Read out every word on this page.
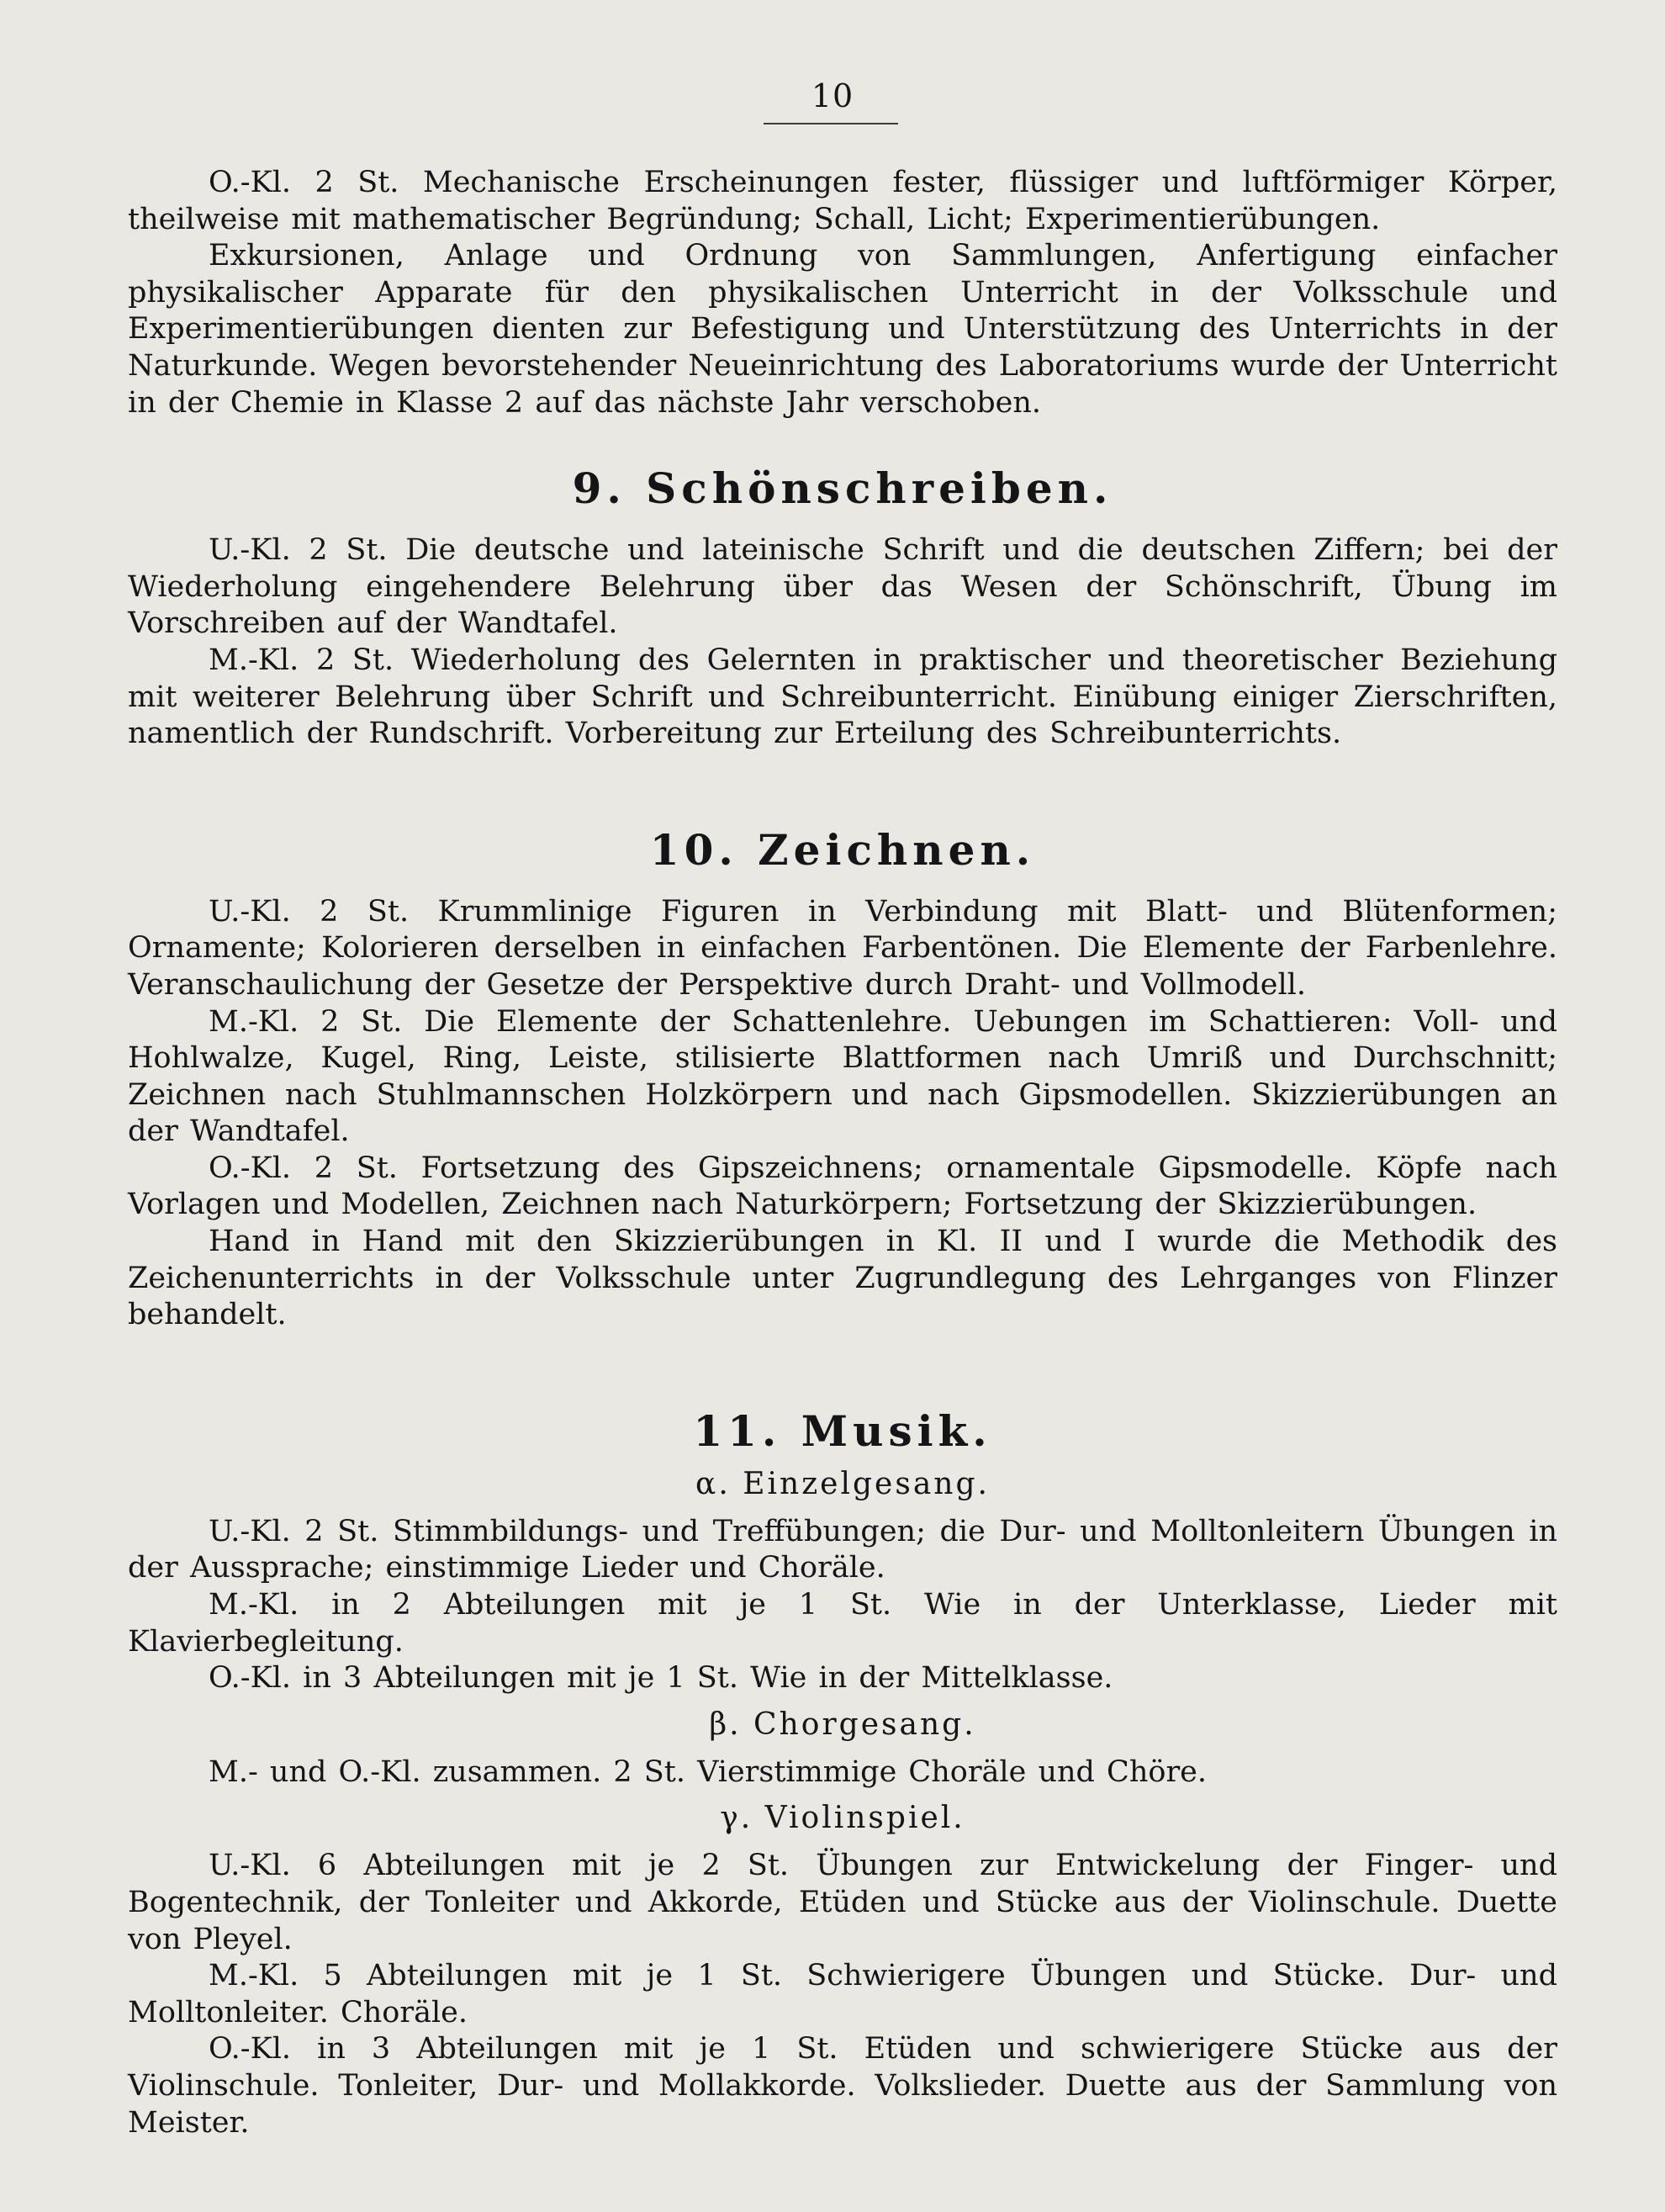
10

O.-Kl. 2 St. Mechanische Erscheinungen fester, flüssiger und luftförmiger Körper, theilweise mit mathematischer Begründung; Schall, Licht; Experimentierübungen.

Exkursionen, Anlage und Ordnung von Sammlungen, Anfertigung einfacher physikalischer Apparate für den physikalischen Unterricht in der Volksschule und Experimentierübungen dienten zur Befestigung und Unterstützung des Unterrichts in der Naturkunde. Wegen bevorstehender Neueinrichtung des Laboratoriums wurde der Unterricht in der Chemie in Klasse 2 auf das nächste Jahr verschoben.

9. Schönschreiben.

U.-Kl. 2 St. Die deutsche und lateinische Schrift und die deutschen Ziffern; bei der Wiederholung eingehendere Belehrung über das Wesen der Schönschrift, Übung im Vorschreiben auf der Wandtafel.

M.-Kl. 2 St. Wiederholung des Gelernten in praktischer und theoretischer Beziehung mit weiterer Belehrung über Schrift und Schreibunterricht. Einübung einiger Zierschriften, namentlich der Rundschrift. Vorbereitung zur Erteilung des Schreibunterrichts.

10. Zeichnen.

U.-Kl. 2 St. Krummlinige Figuren in Verbindung mit Blatt- und Blütenformen; Ornamente; Kolorieren derselben in einfachen Farbentönen. Die Elemente der Farbenlehre. Veranschaulichung der Gesetze der Perspektive durch Draht- und Vollmodell.

M.-Kl. 2 St. Die Elemente der Schattenlehre. Uebungen im Schattieren: Voll- und Hohlwalze, Kugel, Ring, Leiste, stilisierte Blattformen nach Umriß und Durchschnitt; Zeichnen nach Stuhlmannschen Holzkörpern und nach Gipsmodellen. Skizzierübungen an der Wandtafel.

O.-Kl. 2 St. Fortsetzung des Gipszeichnens; ornamentale Gipsmodelle. Köpfe nach Vorlagen und Modellen, Zeichnen nach Naturkörpern; Fortsetzung der Skizzierübungen.

Hand in Hand mit den Skizzierübungen in Kl. II und I wurde die Methodik des Zeichenunterrichts in der Volksschule unter Zugrundlegung des Lehrganges von Flinzer behandelt.

11. Musik.
α. Einzelgesang.

U.-Kl. 2 St. Stimmbildungs- und Treffübungen; die Dur- und Molltonleitern Übungen in der Aussprache; einstimmige Lieder und Choräle.

M.-Kl. in 2 Abteilungen mit je 1 St. Wie in der Unterklasse, Lieder mit Klavierbegleitung.

O.-Kl. in 3 Abteilungen mit je 1 St. Wie in der Mittelklasse.

β. Chorgesang.

M.- und O.-Kl. zusammen. 2 St. Vierstimmige Choräle und Chöre.

γ. Violinspiel.

U.-Kl. 6 Abteilungen mit je 2 St. Übungen zur Entwickelung der Finger- und Bogentechnik, der Tonleiter und Akkorde, Etüden und Stücke aus der Violinschule. Duette von Pleyel.

M.-Kl. 5 Abteilungen mit je 1 St. Schwierigere Übungen und Stücke. Dur- und Molltonleiter. Choräle.

O.-Kl. in 3 Abteilungen mit je 1 St. Etüden und schwierigere Stücke aus der Violinschule. Tonleiter, Dur- und Mollakkorde. Volkslieder. Duette aus der Sammlung von Meister.
